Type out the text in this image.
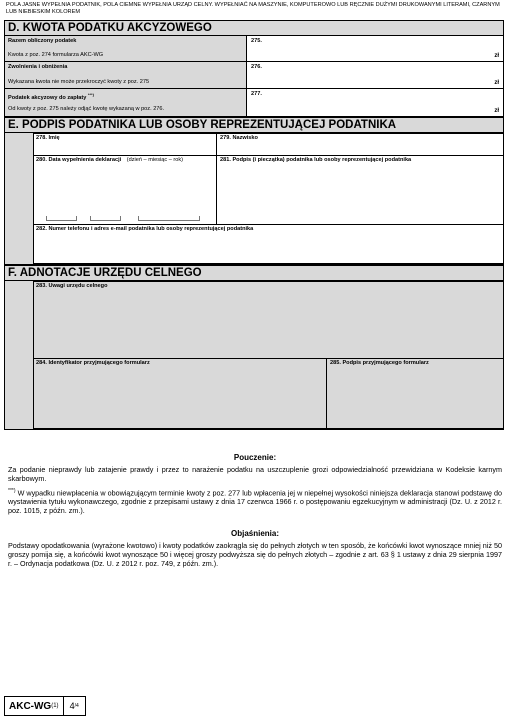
POLA JASNE WYPEŁNIA PODATNIK, POLA CIEMNE WYPEŁNIA URZĄD CELNY. WYPEŁNIAĆ NA MASZYNIE, KOMPUTEROWO LUB RĘCZNIE DUŻYMI DRUKOWANYMI LITERAMI, CZARNYM LUB NIEBIESKIM KOLOREM
D. KWOTA PODATKU AKCYZOWEGO
Razem obliczony podatek
Kwota z poz. 274 formularza AKC-WG
275.
zł
Zwolnienia i obniżenia
Wykazana kwota nie może przekroczyć kwoty z poz. 275
276.
zł
Podatek akcyzowy do zapłaty ***)
Od kwoty z poz. 275 należy odjąć kwotę wykazaną w poz. 276.
277.
zł
E. PODPIS PODATNIKA LUB OSOBY REPREZENTUJĄCEJ PODATNIKA
278. Imię	279. Nazwisko
280. Data wypełnienia deklaracji (dzień – miesiąc – rok)	281. Podpis (i pieczątka) podatnika lub osoby reprezentującej podatnika
282. Numer telefonu i adres e-mail podatnika lub osoby reprezentującej podatnika
F. ADNOTACJE URZĘDU CELNEGO
283. Uwagi urzędu celnego
284. Identyfikator przyjmującego formularz	285. Podpis przyjmującego formularz
Pouczenie:
Za podanie nieprawdy lub zatajenie prawdy i przez to narażenie podatku na uszczuplenie grozi odpowiedzialność przewidziana w Kodeksie karnym skarbowym.
***) W wypadku niewpłacenia w obowiązującym terminie kwoty z poz. 277 lub wpłacenia jej w niepełnej wysokości niniejsza deklaracja stanowi podstawę do wystawienia tytułu wykonawczego, zgodnie z przepisami ustawy z dnia 17 czerwca 1966 r. o postępowaniu egzekucyjnym w administracji (Dz. U. z 2012 r. poz. 1015, z późn. zm.).
Objaśnienia:
Podstawy opodatkowania (wyrażone kwotowo) i kwoty podatków zaokrągla się do pełnych złotych w ten sposób, że końcówki kwot wynoszące mniej niż 50 groszy pomija się, a końcówki kwot wynoszące 50 i więcej groszy podwyższa się do pełnych złotych – zgodnie z art. 63 § 1 ustawy z dnia 29 sierpnia 1997 r. – Ordynacja podatkowa (Dz. U. z 2012 r. poz. 749, z późn. zm.).
AKC-WG (1) 4 /4
